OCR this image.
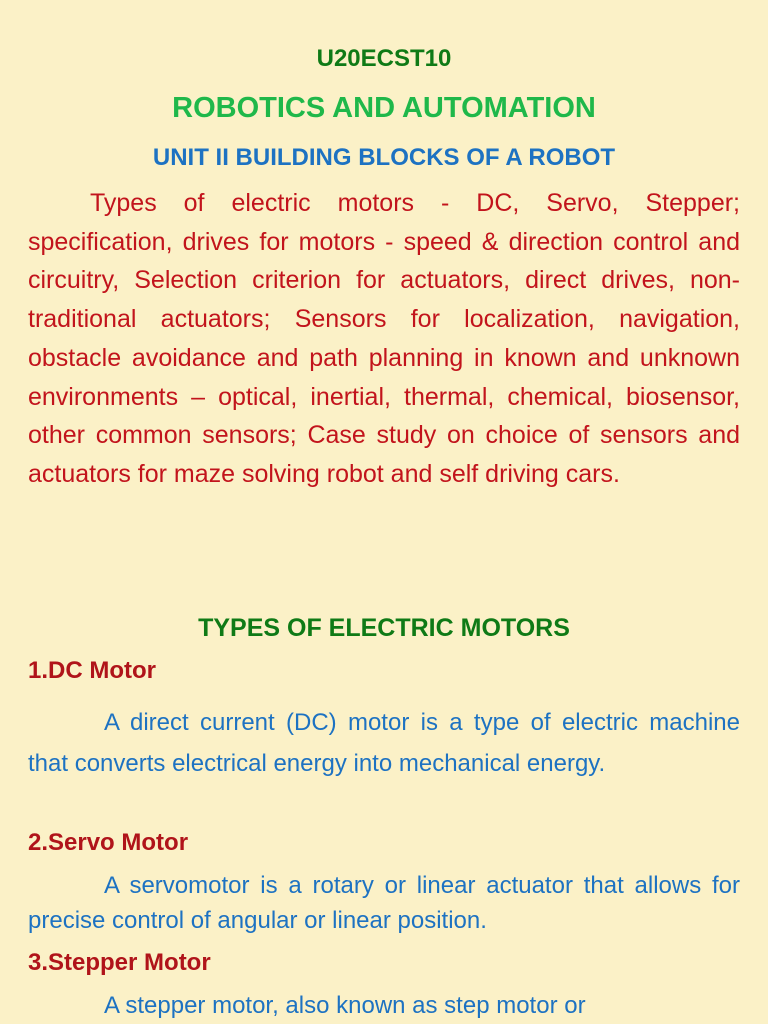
U20ECST10
ROBOTICS AND AUTOMATION
UNIT II BUILDING BLOCKS OF A ROBOT

Types of electric motors - DC, Servo, Stepper; specification, drives for motors - speed & direction control and circuitry, Selection criterion for actuators, direct drives, non-traditional actuators; Sensors for localization, navigation, obstacle avoidance and path planning in known and unknown environments – optical, inertial, thermal, chemical, biosensor, other common sensors; Case study on choice of sensors and actuators for maze solving robot and self driving cars.

TYPES OF ELECTRIC MOTORS

1.DC Motor

A direct current (DC) motor is a type of electric machine that converts electrical energy into mechanical energy.

2.Servo Motor

A servomotor is a rotary or linear actuator that allows for precise control of angular or linear position.

3.Stepper Motor

A stepper motor, also known as step motor or
